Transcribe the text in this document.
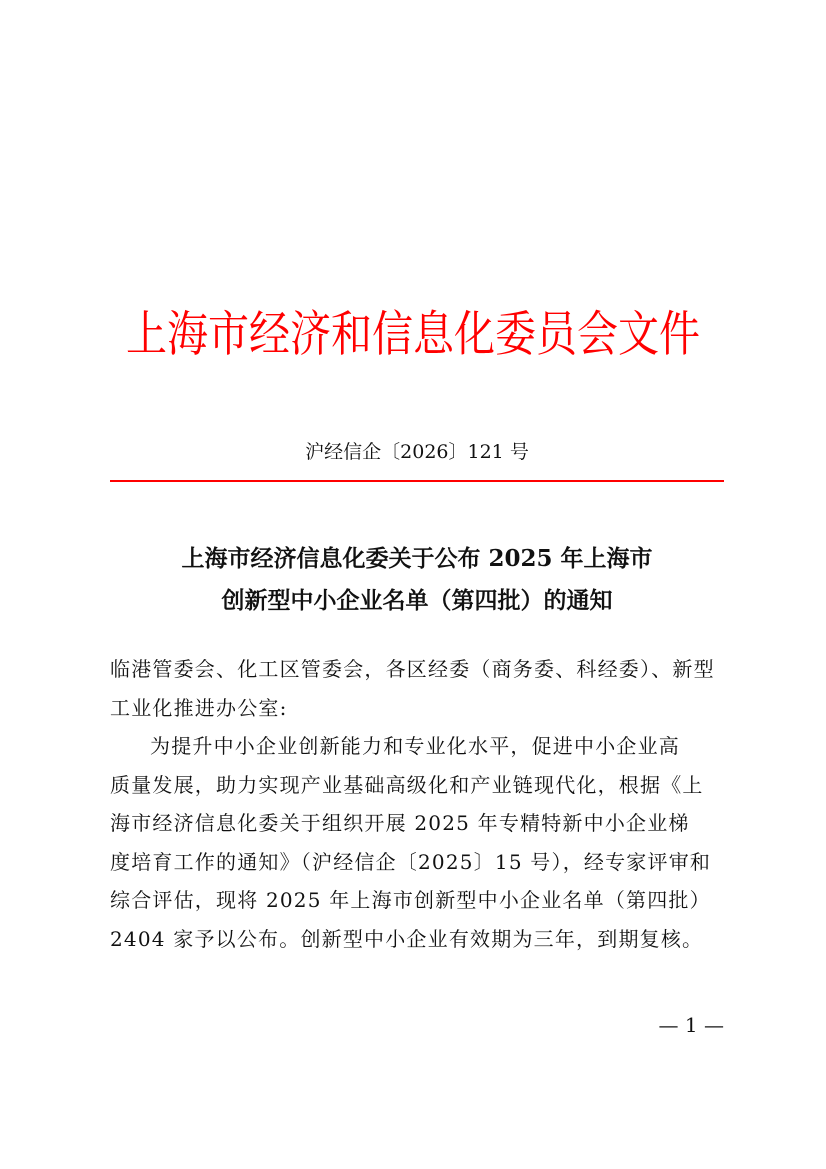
上海市经济和信息化委员会文件
沪经信企〔2026〕121 号
上海市经济信息化委关于公布 2025 年上海市
创新型中小企业名单（第四批）的通知
临港管委会、化工区管委会，各区经委（商务委、科经委）、新型
工业化推进办公室:
为提升中小企业创新能力和专业化水平，促进中小企业高
质量发展，助力实现产业基础高级化和产业链现代化，根据《上
海市经济信息化委关于组织开展 2025 年专精特新中小企业梯
度培育工作的通知》（沪经信企〔2025〕15 号），经专家评审和
综合评估，现将 2025 年上海市创新型中小企业名单（第四批）
2404 家予以公布。创新型中小企业有效期为三年，到期复核。
— 1 —
